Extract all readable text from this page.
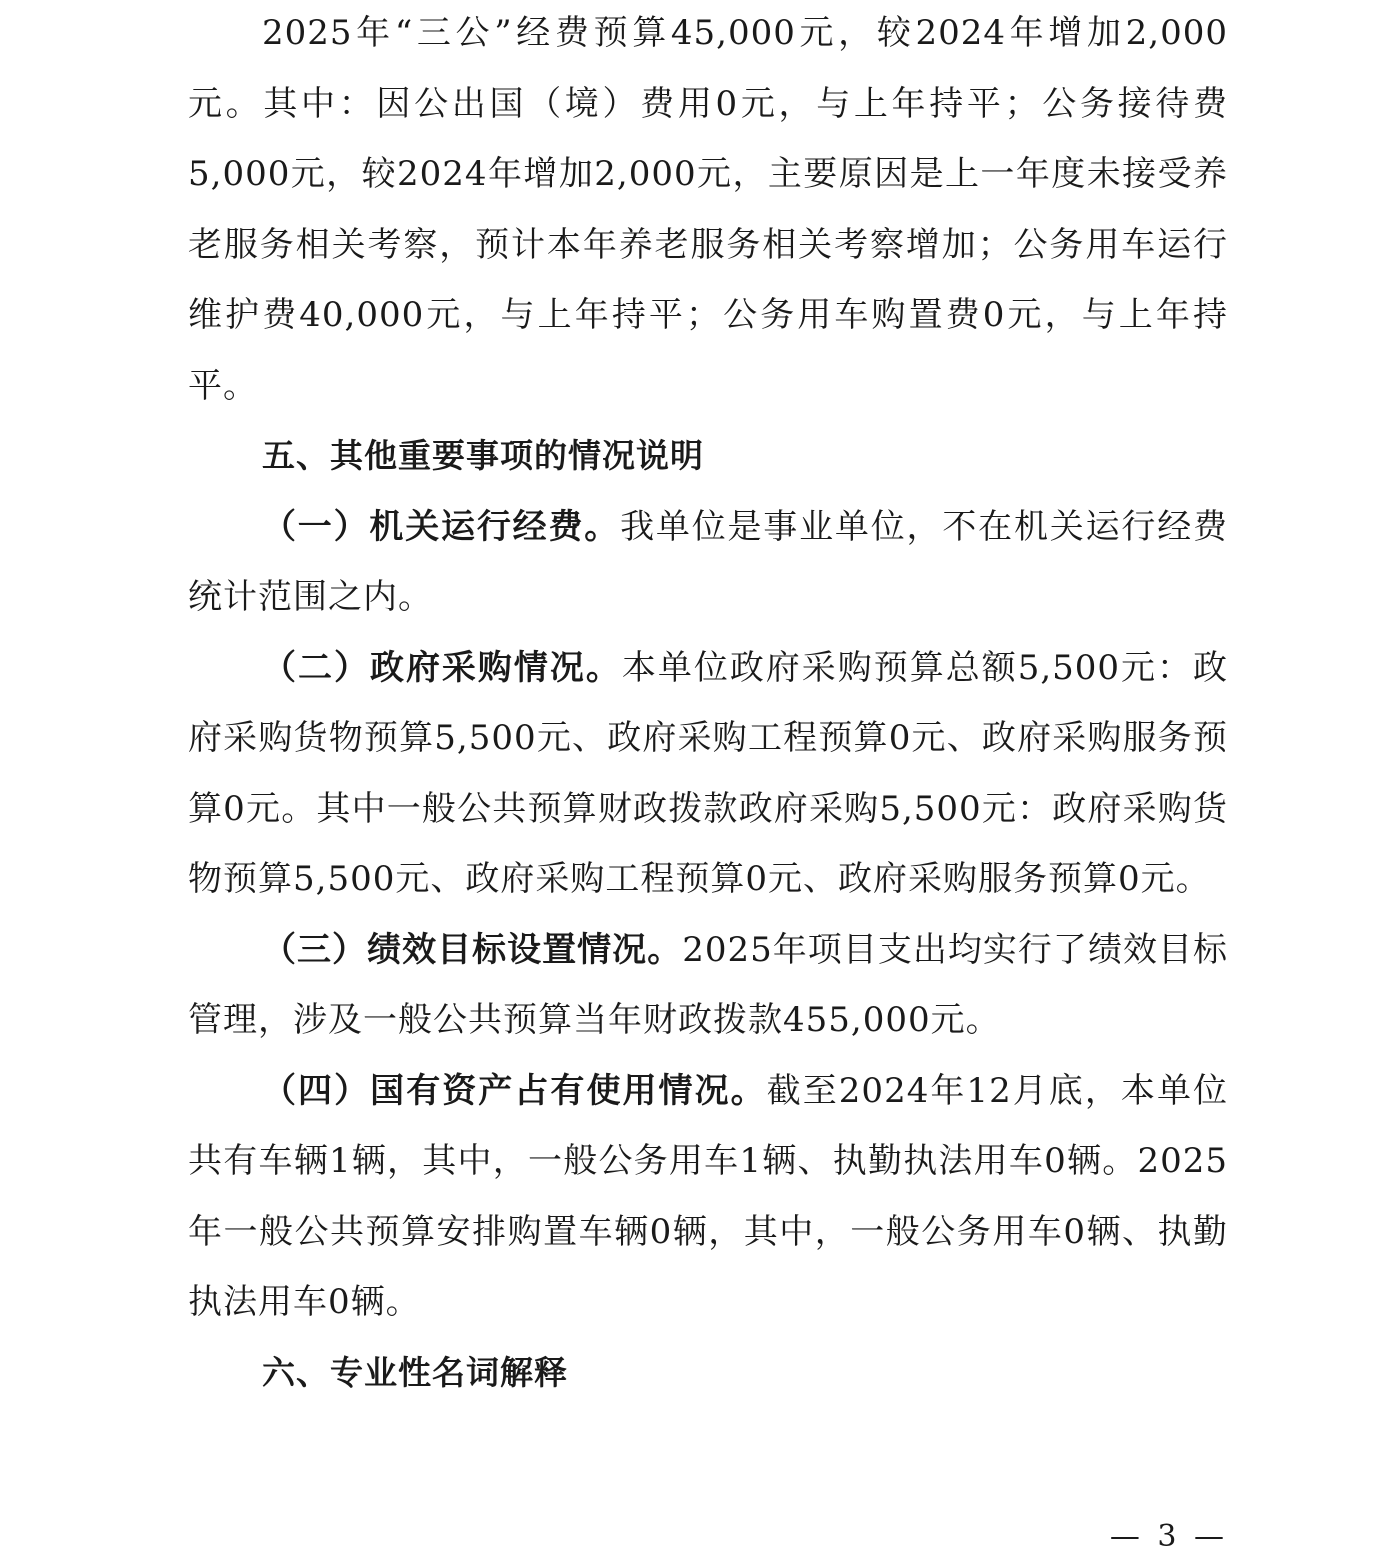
2025年“三公”经费预算45,000元，较2024年增加2,000元。其中：因公出国（境）费用0元，与上年持平；公务接待费5,000元，较2024年增加2,000元，主要原因是上一年度未接受养老服务相关考察，预计本年养老服务相关考察增加；公务用车运行维护费40,000元，与上年持平；公务用车购置费0元，与上年持平。

五、其他重要事项的情况说明

（一）机关运行经费。我单位是事业单位，不在机关运行经费统计范围之内。

（二）政府采购情况。本单位政府采购预算总额5,500元：政府采购货物预算5,500元、政府采购工程预算0元、政府采购服务预算0元。其中一般公共预算财政拨款政府采购5,500元：政府采购货物预算5,500元、政府采购工程预算0元、政府采购服务预算0元。

（三）绩效目标设置情况。2025年项目支出均实行了绩效目标管理，涉及一般公共预算当年财政拨款455,000元。

（四）国有资产占有使用情况。截至2024年12月底，本单位共有车辆1辆，其中，一般公务用车1辆、执勤执法用车0辆。2025年一般公共预算安排购置车辆0辆，其中，一般公务用车0辆、执勤执法用车0辆。

六、专业性名词解释

— 3 —
